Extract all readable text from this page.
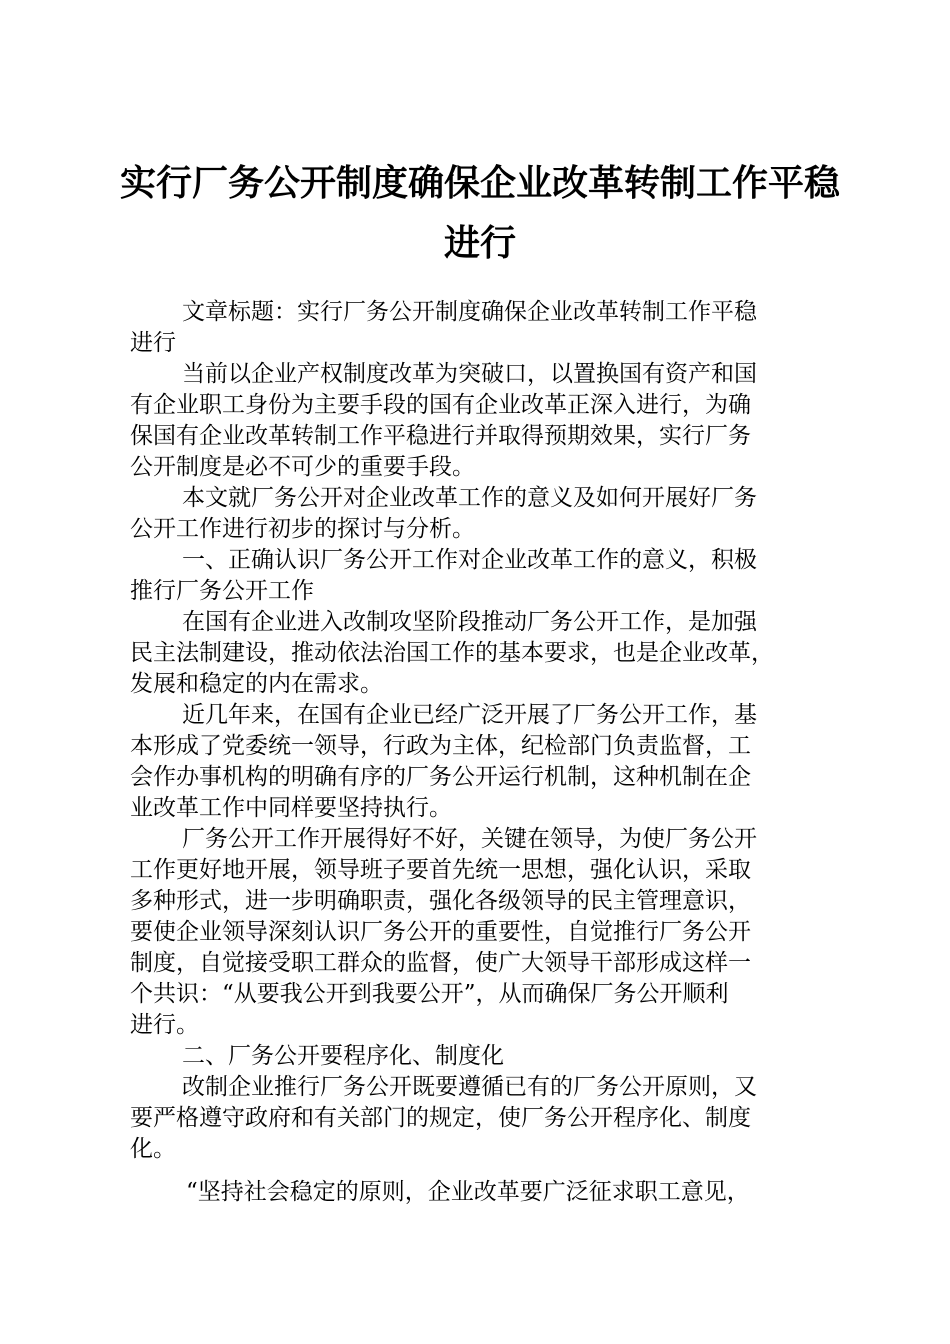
实行厂务公开制度确保企业改革转制工作平稳
进行
文章标题：实行厂务公开制度确保企业改革转制工作平稳
进行
当前以企业产权制度改革为突破口，以置换国有资产和国
有企业职工身份为主要手段的国有企业改革正深入进行，为确
保国有企业改革转制工作平稳进行并取得预期效果，实行厂务
公开制度是必不可少的重要手段。
本文就厂务公开对企业改革工作的意义及如何开展好厂务
公开工作进行初步的探讨与分析。
一、正确认识厂务公开工作对企业改革工作的意义，积极
推行厂务公开工作
在国有企业进入改制攻坚阶段推动厂务公开工作，是加强
民主法制建设，推动依法治国工作的基本要求，也是企业改革，
发展和稳定的内在需求。
近几年来，在国有企业已经广泛开展了厂务公开工作，基
本形成了党委统一领导，行政为主体，纪检部门负责监督，工
会作办事机构的明确有序的厂务公开运行机制，这种机制在企
业改革工作中同样要坚持执行。
厂务公开工作开展得好不好，关键在领导，为使厂务公开
工作更好地开展，领导班子要首先统一思想，强化认识，采取
多种形式，进一步明确职责，强化各级领导的民主管理意识，
要使企业领导深刻认识厂务公开的重要性，自觉推行厂务公开
制度，自觉接受职工群众的监督，使广大领导干部形成这样一
个共识：“从要我公开到我要公开”，从而确保厂务公开顺利
进行。
二、厂务公开要程序化、制度化
改制企业推行厂务公开既要遵循已有的厂务公开原则，又
要严格遵守政府和有关部门的规定，使厂务公开程序化、制度
化。
“坚持社会稳定的原则，企业改革要广泛征求职工意见，
